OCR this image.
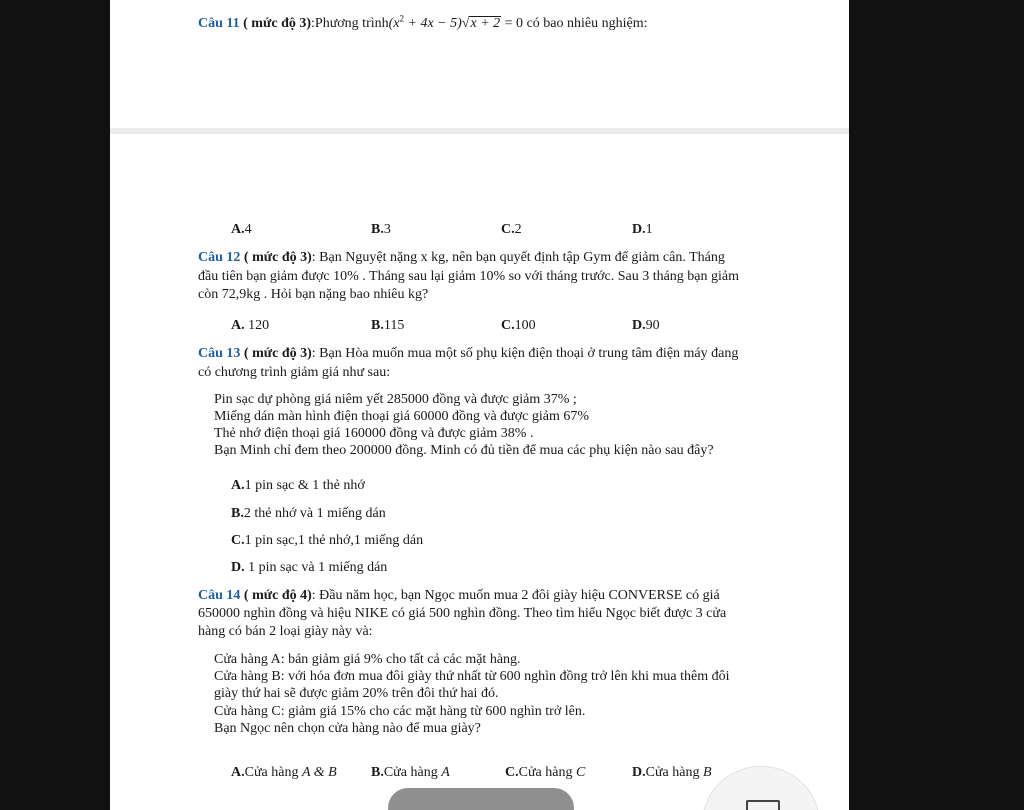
Câu 11 ( mức độ 3):Phương $trình(x^2 + 4x - 5)√x + 2 = 0$ có bao nhiêu nghiệm:
A.4	B.3	C.2	D.1
Câu 12 ( mức độ 3): Bạn Nguyệt nặng x kg, nên bạn quyết định tập Gym để giảm cân. Tháng
đầu tiên bạn giảm được 10% . Tháng sau lại giảm 10% so với tháng trước. Sau 3 tháng bạn giảm
còn 72,9kg . Hỏi bạn nặng bao nhiêu kg?
A. 120	B.115	C.100	D.90
Câu 13 ( mức độ 3): Bạn Hòa muốn mua một số phụ kiện điện thoại ở trung tâm điện máy đang
có chương trình giảm giá như sau:
Pin sạc dự phòng giá niêm yết 285000 đồng và được giảm 37% ;
Miếng dán màn hình điện thoại giá 60000 đồng và được giảm 67%
Thẻ nhớ điện thoại giá 160000 đồng và được giảm 38% .
Bạn Minh chỉ đem theo 200000 đồng. Minh có đủ tiền để mua các phụ kiện nào sau đây?
A.1 pin sạc & 1 thẻ nhớ
B.2 thẻ nhớ và 1 miếng dán
C.1 pin sạc,1 thẻ nhớ,1 miếng dán
D. 1 pin sạc và 1 miếng dán
Câu 14 ( mức độ 4): Đầu năm học, bạn Ngọc muốn mua 2 đôi giày hiệu CONVERSE có giá
650000 nghìn đồng và hiệu NIKE có giá 500 nghìn đồng. Theo tìm hiểu Ngọc biết được 3 cửa
hàng có bán 2 loại giày này và:
Cửa hàng A: bán giảm giá 9% cho tất cả các mặt hàng.
Cửa hàng B: với hóa đơn mua đôi giày thứ nhất từ 600 nghìn đồng trở lên khi mua thêm đôi
giày thứ hai sẽ được giảm 20% trên đôi thứ hai đó.
Cửa hàng C: giảm giá 15% cho các mặt hàng từ 600 nghìn trở lên.
Bạn Ngọc nên chọn cửa hàng nào để mua giày?
A.Cửa hàng A & B B.Cửa hàng A	C.Cửa hàng C	D.Cửa hàng B
